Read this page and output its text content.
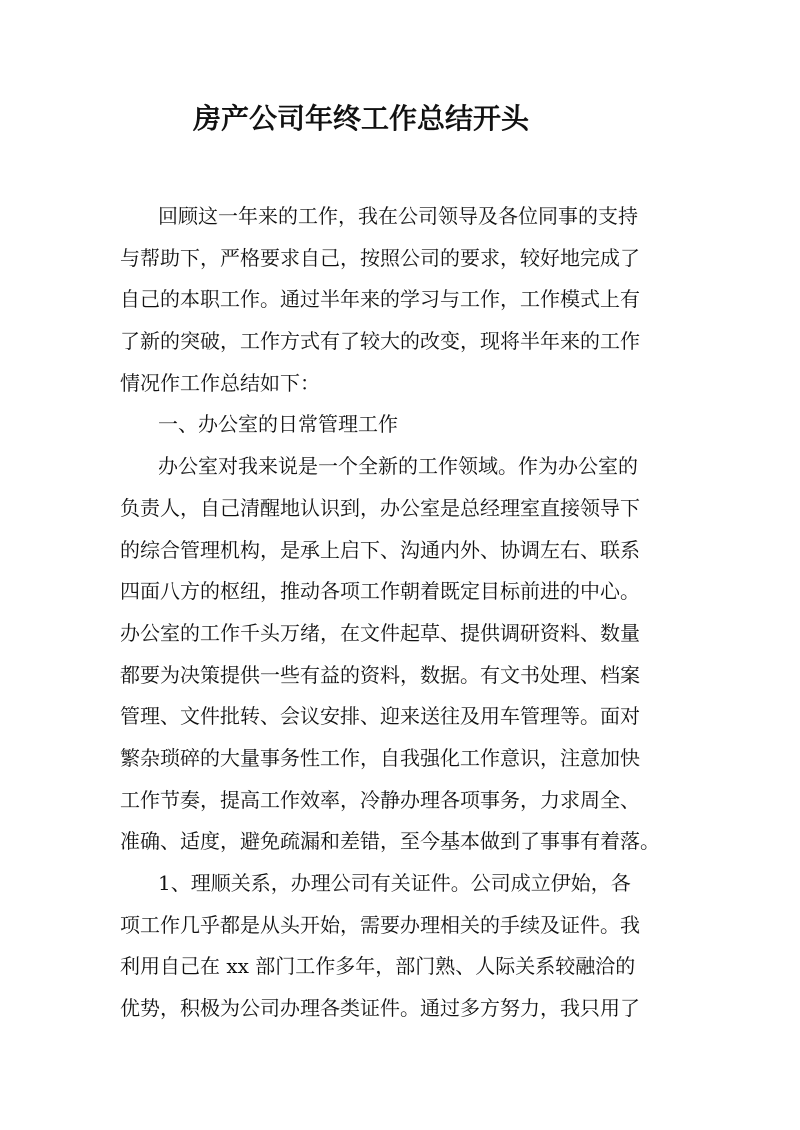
房产公司年终工作总结开头
回顾这一年来的工作，我在公司领导及各位同事的支持
与帮助下，严格要求自己，按照公司的要求，较好地完成了
自己的本职工作。通过半年来的学习与工作，工作模式上有
了新的突破，工作方式有了较大的改变，现将半年来的工作
情况作工作总结如下：
一、办公室的日常管理工作
办公室对我来说是一个全新的工作领域。作为办公室的
负责人，自己清醒地认识到，办公室是总经理室直接领导下
的综合管理机构，是承上启下、沟通内外、协调左右、联系
四面八方的枢纽，推动各项工作朝着既定目标前进的中心。
办公室的工作千头万绪，在文件起草、提供调研资料、数量
都要为决策提供一些有益的资料，数据。有文书处理、档案
管理、文件批转、会议安排、迎来送往及用车管理等。面对
繁杂琐碎的大量事务性工作，自我强化工作意识，注意加快
工作节奏，提高工作效率，冷静办理各项事务，力求周全、
准确、适度，避免疏漏和差错，至今基本做到了事事有着落。
1、理顺关系，办理公司有关证件。公司成立伊始，各
项工作几乎都是从头开始，需要办理相关的手续及证件。我
利用自己在 xx 部门工作多年，部门熟、人际关系较融洽的
优势，积极为公司办理各类证件。通过多方努力，我只用了
